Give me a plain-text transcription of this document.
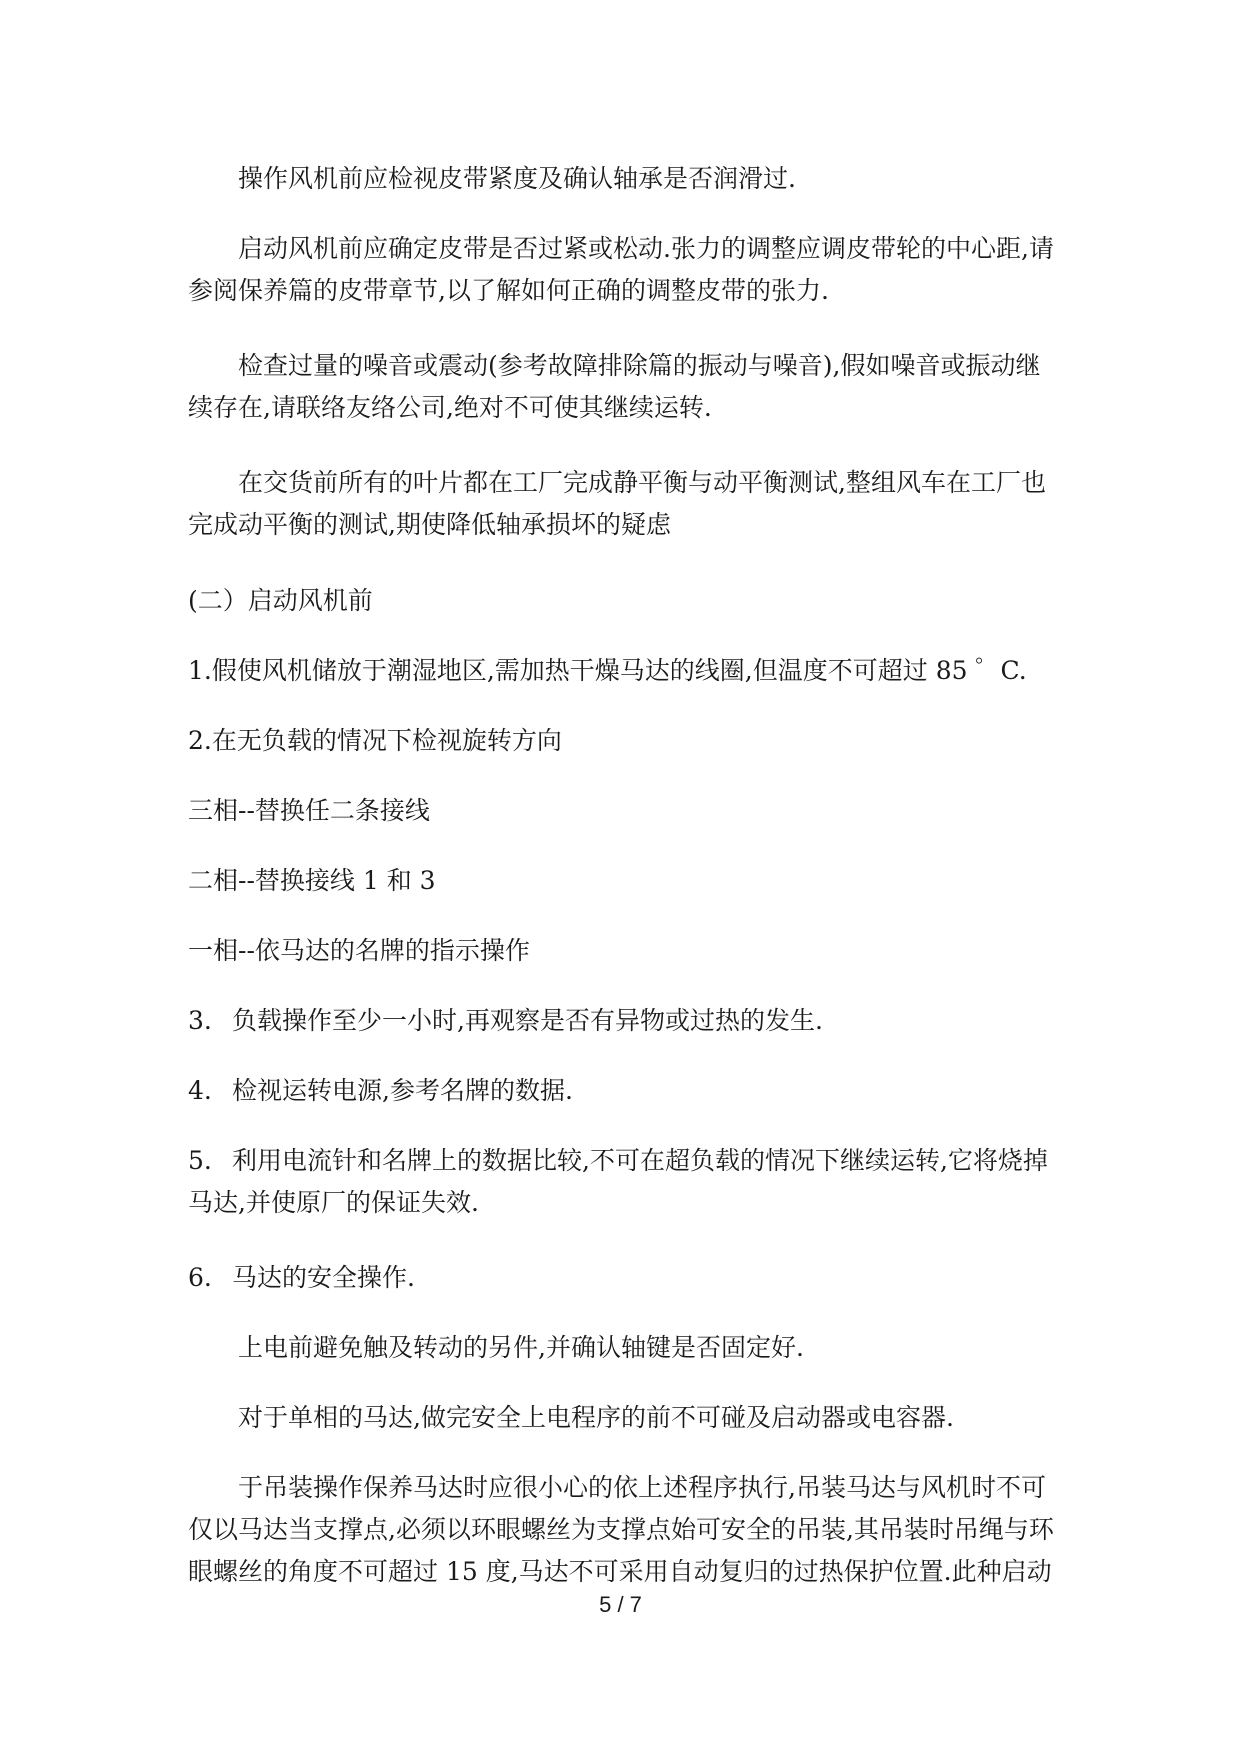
操作风机前应检视皮带紧度及确认轴承是否润滑过.

启动风机前应确定皮带是否过紧或松动.张力的调整应调皮带轮的中心距,请参阅保养篇的皮带章节,以了解如何正确的调整皮带的张力.

检查过量的噪音或震动(参考故障排除篇的振动与噪音),假如噪音或振动继续存在,请联络友络公司,绝对不可使其继续运转.

在交货前所有的叶片都在工厂完成静平衡与动平衡测试,整组风车在工厂也完成动平衡的测试,期使降低轴承损坏的疑虑

(二）启动风机前

1.假使风机储放于潮湿地区,需加热干燥马达的线圈,但温度不可超过 85 ゜C.

2.在无负载的情况下检视旋转方向

三相--替换任二条接线

二相--替换接线 1 和 3

一相--依马达的名牌的指示操作

3. 负载操作至少一小时,再观察是否有异物或过热的发生.

4. 检视运转电源,参考名牌的数据.

5. 利用电流针和名牌上的数据比较,不可在超负载的情况下继续运转,它将烧掉马达,并使原厂的保证失效.

6. 马达的安全操作.

上电前避免触及转动的另件,并确认轴键是否固定好.

对于单相的马达,做完安全上电程序的前不可碰及启动器或电容器.

于吊装操作保养马达时应很小心的依上述程序执行,吊装马达与风机时不可仅以马达当支撑点,必须以环眼螺丝为支撑点始可安全的吊装,其吊装时吊绳与环眼螺丝的角度不可超过 15 度,马达不可采用自动复归的过热保护位置.此种启动

5 / 7
